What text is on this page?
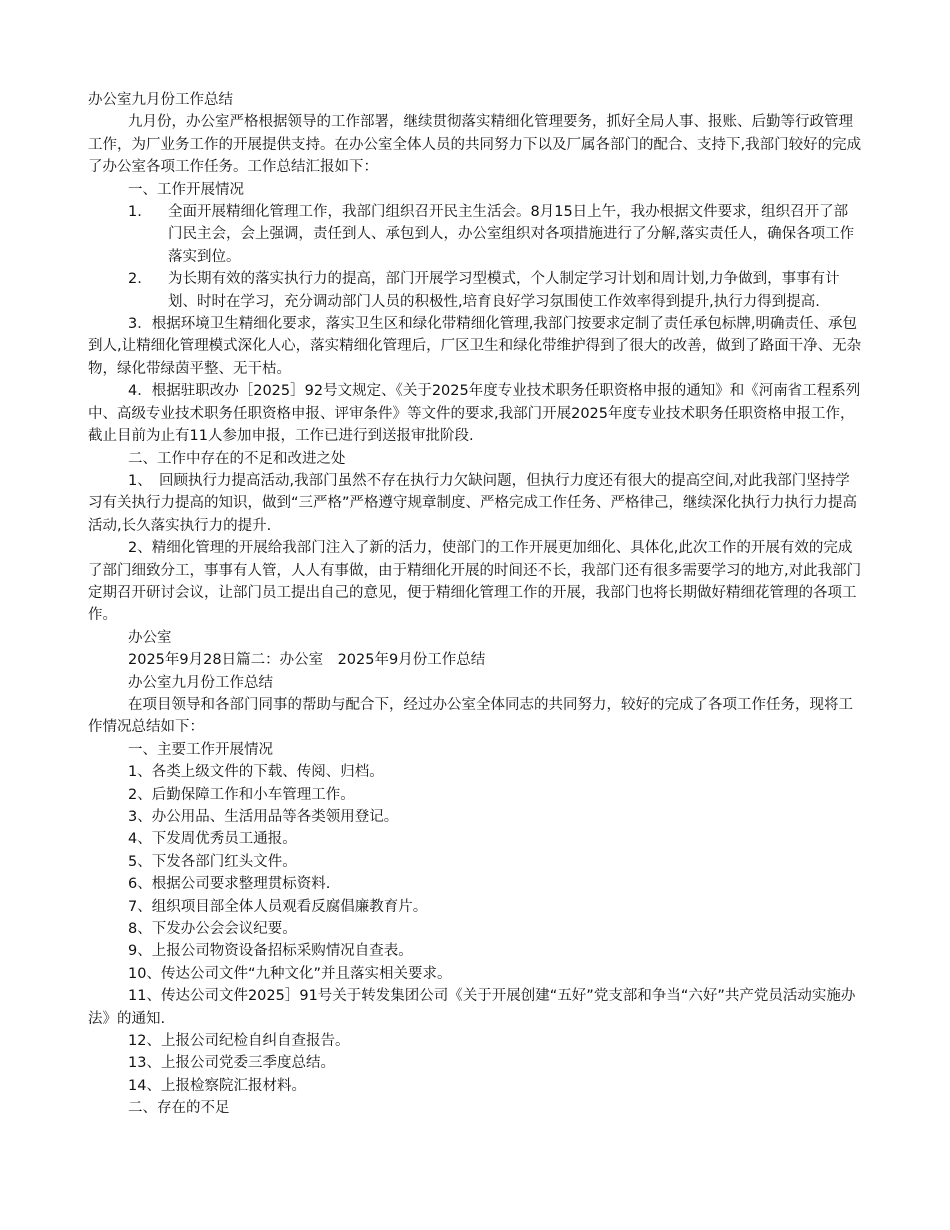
办公室九月份工作总结

九月份，办公室严格根据领导的工作部署，继续贯彻落实精细化管理要务，抓好全局人事、报账、后勤等行政管理工作，为厂业务工作的开展提供支持。在办公室全体人员的共同努力下以及厂属各部门的配合、支持下,我部门较好的完成了办公室各项工作任务。工作总结汇报如下：

一、工作开展情况

1.	全面开展精细化管理工作，我部门组织召开民主生活会。8月15日上午，我办根据文件要求，组织召开了部门民主会，会上强调，责任到人、承包到人，办公室组织对各项措施进行了分解,落实责任人，确保各项工作落实到位。
2.	为长期有效的落实执行力的提高，部门开展学习型模式，个人制定学习计划和周计划,力争做到，事事有计划、时时在学习，充分调动部门人员的积极性,培育良好学习氛围使工作效率得到提升,执行力得到提高.

3．根据环境卫生精细化要求，落实卫生区和绿化带精细化管理,我部门按要求定制了责任承包标牌,明确责任、承包到人,让精细化管理模式深化人心，落实精细化管理后，厂区卫生和绿化带维护得到了很大的改善，做到了路面干净、无杂物，绿化带绿茵平整、无干枯。

4．根据驻职改办［2025］92号文规定、《关于2025年度专业技术职务任职资格申报的通知》和《河南省工程系列中、高级专业技术职务任职资格申报、评审条件》等文件的要求,我部门开展2025年度专业技术职务任职资格申报工作，截止目前为止有11人参加申报，工作已进行到送报审批阶段.

二、工作中存在的不足和改进之处

1、　回顾执行力提高活动,我部门虽然不存在执行力欠缺问题，但执行力度还有很大的提高空间,对此我部门坚持学习有关执行力提高的知识，做到“三严格”严格遵守规章制度、严格完成工作任务、严格律己，继续深化执行力执行力提高活动,长久落实执行力的提升.

2、精细化管理的开展给我部门注入了新的活力，使部门的工作开展更加细化、具体化,此次工作的开展有效的完成了部门细致分工，事事有人管，人人有事做，由于精细化开展的时间还不长，我部门还有很多需要学习的地方,对此我部门定期召开研讨会议，让部门员工提出自己的意见，便于精细化管理工作的开展，我部门也将长期做好精细花管理的各项工作。

办公室

2025年9月28日篇二：办公室　2025年9月份工作总结

办公室九月份工作总结

在项目领导和各部门同事的帮助与配合下，经过办公室全体同志的共同努力，较好的完成了各项工作任务，现将工作情况总结如下：

一、主要工作开展情况

1、各类上级文件的下载、传阅、归档。

2、后勤保障工作和小车管理工作。

3、办公用品、生活用品等各类领用登记。

4、下发周优秀员工通报。

5、下发各部门红头文件。

6、根据公司要求整理贯标资料.

7、组织项目部全体人员观看反腐倡廉教育片。

8、下发办公会会议纪要。

9、上报公司物资设备招标采购情况自查表。

10、传达公司文件“九种文化”并且落实相关要求。

11、传达公司文件2025］91号关于转发集团公司《关于开展创建“五好”党支部和争当“六好”共产党员活动实施办法》的通知.

12、上报公司纪检自纠自查报告。

13、上报公司党委三季度总结。

14、上报检察院汇报材料。

二、存在的不足
